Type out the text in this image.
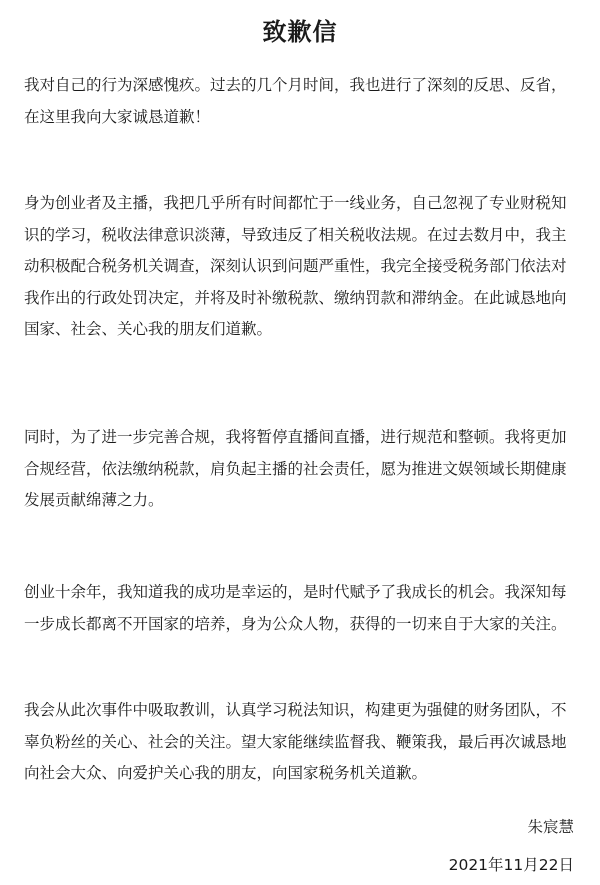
致歉信

我对自己的行为深感愧疚。过去的几个月时间，我也进行了深刻的反思、反省，在这里我向大家诚恳道歉！

身为创业者及主播，我把几乎所有时间都忙于一线业务，自己忽视了专业财税知识的学习，税收法律意识淡薄，导致违反了相关税收法规。在过去数月中，我主动积极配合税务机关调查，深刻认识到问题严重性，我完全接受税务部门依法对我作出的行政处罚决定，并将及时补缴税款、缴纳罚款和滞纳金。在此诚恳地向国家、社会、关心我的朋友们道歉。

同时，为了进一步完善合规，我将暂停直播间直播，进行规范和整顿。我将更加合规经营，依法缴纳税款，肩负起主播的社会责任，愿为推进文娱领域长期健康发展贡献绵薄之力。

创业十余年，我知道我的成功是幸运的，是时代赋予了我成长的机会。我深知每一步成长都离不开国家的培养，身为公众人物，获得的一切来自于大家的关注。

我会从此次事件中吸取教训，认真学习税法知识，构建更为强健的财务团队，不辜负粉丝的关心、社会的关注。望大家能继续监督我、鞭策我，最后再次诚恳地向社会大众、向爱护关心我的朋友，向国家税务机关道歉。

朱宸慧
2021年11月22日
